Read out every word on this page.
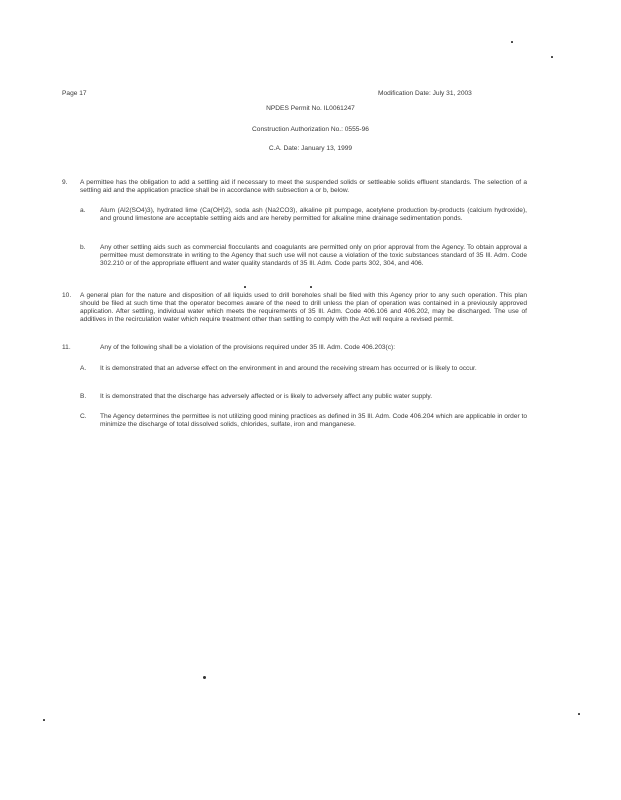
Page 17	Modification Date: July 31, 2003
NPDES Permit No. IL0061247
Construction Authorization No.: 0555-96
C.A. Date: January 13, 1999
9. A permittee has the obligation to add a settling aid if necessary to meet the suspended solids or settleable solids effluent standards. The selection of a settling aid and the application practice shall be in accordance with subsection a or b, below.
a. Alum (Al2(SO4)3), hydrated lime (Ca(OH)2), soda ash (Na2CO3), alkaline pit pumpage, acetylene production by-products (calcium hydroxide), and ground limestone are acceptable settling aids and are hereby permitted for alkaline mine drainage sedimentation ponds.
b. Any other settling aids such as commercial flocculants and coagulants are permitted only on prior approval from the Agency. To obtain approval a permittee must demonstrate in writing to the Agency that such use will not cause a violation of the toxic substances standard of 35 Ill. Adm. Code 302.210 or of the appropriate effluent and water quality standards of 35 Ill. Adm. Code parts 302, 304, and 406.
10. A general plan for the nature and disposition of all liquids used to drill boreholes shall be filed with this Agency prior to any such operation. This plan should be filed at such time that the operator becomes aware of the need to drill unless the plan of operation was contained in a previously approved application. After settling, individual water which meets the requirements of 35 Ill. Adm. Code 406.106 and 406.202, may be discharged. The use of additives in the recirculation water which require treatment other than settling to comply with the Act will require a revised permit.
11.	Any of the following shall be a violation of the provisions required under 35 Ill. Adm. Code 406.203(c):
A. It is demonstrated that an adverse effect on the environment in and around the receiving stream has occurred or is likely to occur.
B. It is demonstrated that the discharge has adversely affected or is likely to adversely affect any public water supply.
C. The Agency determines the permittee is not utilizing good mining practices as defined in 35 Ill. Adm. Code 406.204 which are applicable in order to minimize the discharge of total dissolved solids, chlorides, sulfate, iron and manganese.
